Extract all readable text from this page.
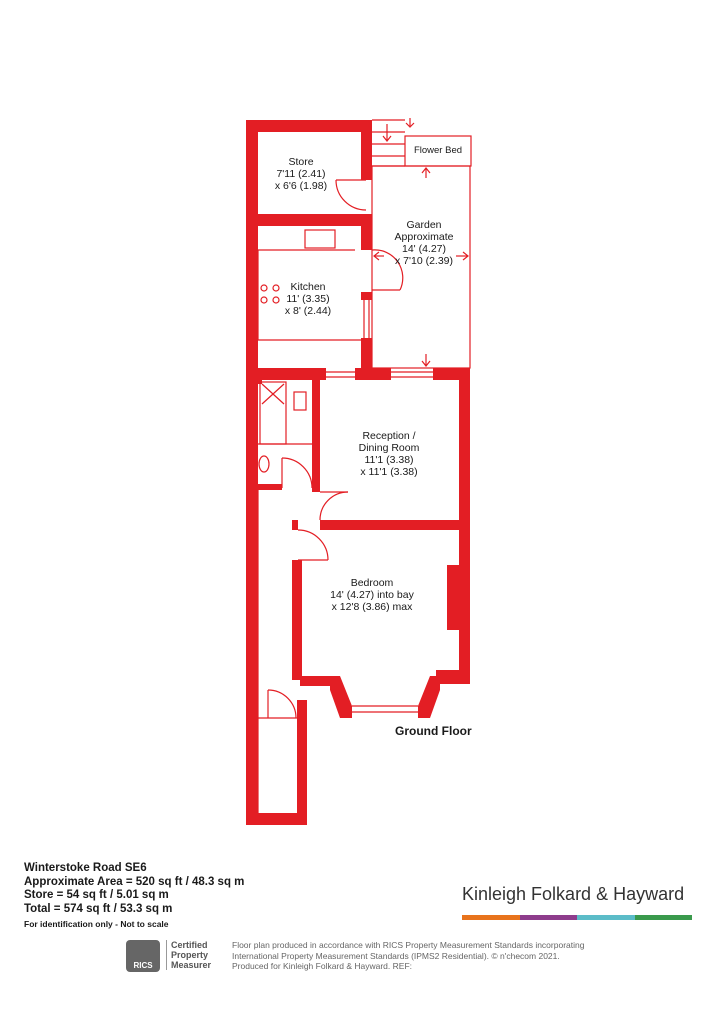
Flower Bed
Store
7'11 (2.41)
x 6'6 (1.98)
Garden
Approximate
14' (4.27)
x 7'10 (2.39)
Kitchen
11' (3.35)
x 8' (2.44)
Reception /
Dining Room
11'1 (3.38)
x 11'1 (3.38)
Bedroom
14' (4.27) into bay
x 12'8 (3.86) max
Ground Floor
Winterstoke Road SE6
Approximate Area = 520 sq ft / 48.3 sq m
Store = 54 sq ft / 5.01 sq m
Total = 574 sq ft / 53.3 sq m
For identification only - Not to scale
Kinleigh Folkard & Hayward
RICS
Certified
Property
Measurer
Floor plan produced in accordance with RICS Property Measurement Standards incorporating
International Property Measurement Standards (IPMS2 Residential). © n'checom 2021.
Produced for Kinleigh Folkard & Hayward. REF:
